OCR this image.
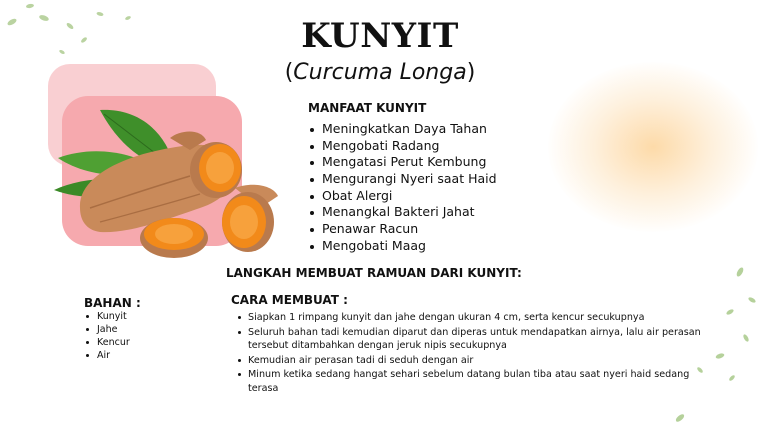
KUNYIT
(Curcuma Longa)
MANFAAT KUNYIT
Meningkatkan Daya Tahan
Mengobati Radang
Mengatasi Perut Kembung
Mengurangi Nyeri saat Haid
Obat Alergi
Menangkal Bakteri Jahat
Penawar Racun
Mengobati Maag
LANGKAH MEMBUAT RAMUAN DARI KUNYIT:
BAHAN :
Kunyit
Jahe
Kencur
Air
CARA MEMBUAT :
Siapkan 1 rimpang kunyit dan jahe dengan ukuran 4 cm, serta kencur secukupnya
Seluruh bahan tadi kemudian diparut dan diperas untuk mendapatkan airnya, lalu air perasan tersebut ditambahkan dengan jeruk nipis secukupnya
Kemudian air perasan tadi di seduh dengan air
Minum ketika sedang hangat sehari sebelum datang bulan tiba atau saat nyeri haid sedang terasa
